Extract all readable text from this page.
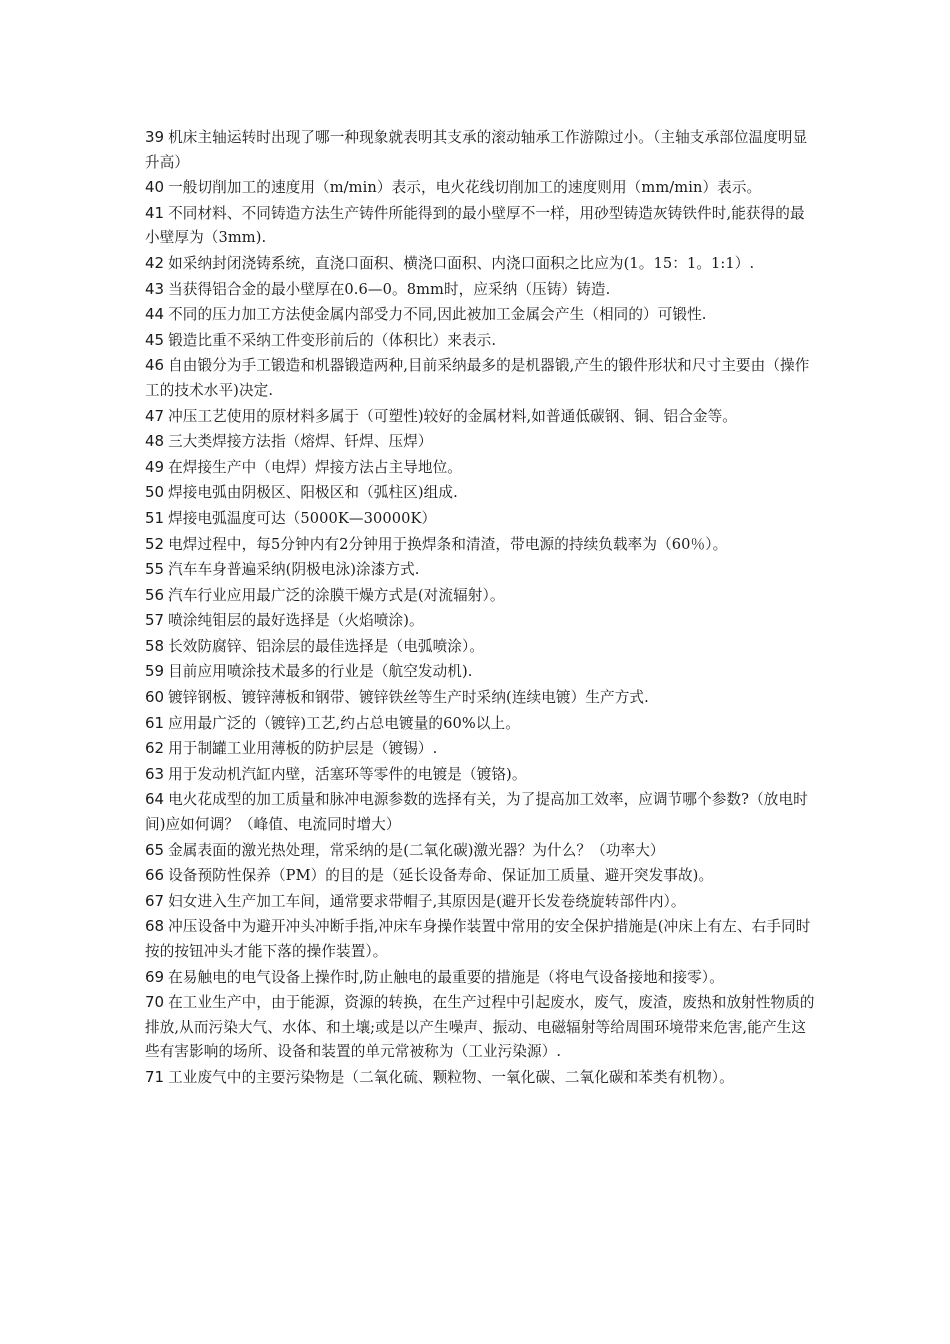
39 机床主轴运转时出现了哪一种现象就表明其支承的滚动轴承工作游隙过小。（主轴支承部位温度明显升高）

40 一般切削加工的速度用（m/min）表示，电火花线切削加工的速度则用（mm/min）表示。

41 不同材料、不同铸造方法生产铸件所能得到的最小壁厚不一样，用砂型铸造灰铸铁件时,能获得的最小壁厚为（3mm).

42 如采纳封闭浇铸系统，直浇口面积、横浇口面积、内浇口面积之比应为(1。15：1。1:1）.

43 当获得铝合金的最小壁厚在0.6—0。8mm时，应采纳（压铸）铸造.

44 不同的压力加工方法使金属内部受力不同,因此被加工金属会产生（相同的）可锻性.

45 锻造比重不采纳工件变形前后的（体积比）来表示.

46 自由锻分为手工锻造和机器锻造两种,目前采纳最多的是机器锻,产生的锻件形状和尺寸主要由（操作工的技术水平)决定.

47 冲压工艺使用的原材料多属于（可塑性)较好的金属材料,如普通低碳钢、铜、铝合金等。

48 三大类焊接方法指（熔焊、钎焊、压焊）

49 在焊接生产中（电焊）焊接方法占主导地位。

50 焊接电弧由阴极区、阳极区和（弧柱区)组成.

51 焊接电弧温度可达（5000K—30000K）

52 电焊过程中，每5分钟内有2分钟用于换焊条和清渣，带电源的持续负载率为（60％）。

55 汽车车身普遍采纳(阴极电泳)涂漆方式.

56 汽车行业应用最广泛的涂膜干燥方式是(对流辐射）。

57 喷涂纯钼层的最好选择是（火焰喷涂)。

58 长效防腐锌、铝涂层的最佳选择是（电弧喷涂）。

59 目前应用喷涂技术最多的行业是（航空发动机).

60 镀锌钢板、镀锌薄板和钢带、镀锌铁丝等生产时采纳(连续电镀）生产方式.

61 应用最广泛的（镀锌)工艺,约占总电镀量的60%以上。

62 用于制罐工业用薄板的防护层是（镀锡）.

63 用于发动机汽缸内壁，活塞环等零件的电镀是（镀铬)。

64 电火花成型的加工质量和脉冲电源参数的选择有关，为了提高加工效率，应调节哪个参数?（放电时间)应如何调？（峰值、电流同时增大）

65 金属表面的激光热处理，常采纳的是(二氧化碳)激光器？为什么？（功率大）

66 设备预防性保养（PM）的目的是（延长设备寿命、保证加工质量、避开突发事故)。

67 妇女进入生产加工车间，通常要求带帽子,其原因是(避开长发卷绕旋转部件内）。

68 冲压设备中为避开冲头冲断手指,冲床车身操作装置中常用的安全保护措施是(冲床上有左、右手同时按的按钮冲头才能下落的操作装置）。

69 在易触电的电气设备上操作时,防止触电的最重要的措施是（将电气设备接地和接零）。

70 在工业生产中，由于能源，资源的转换，在生产过程中引起废水，废气，废渣，废热和放射性物质的排放,从而污染大气、水体、和土壤;或是以产生噪声、振动、电磁辐射等给周围环境带来危害,能产生这些有害影响的场所、设备和装置的单元常被称为（工业污染源）.

71 工业废气中的主要污染物是（二氧化硫、颗粒物、一氧化碳、二氧化碳和苯类有机物）。
